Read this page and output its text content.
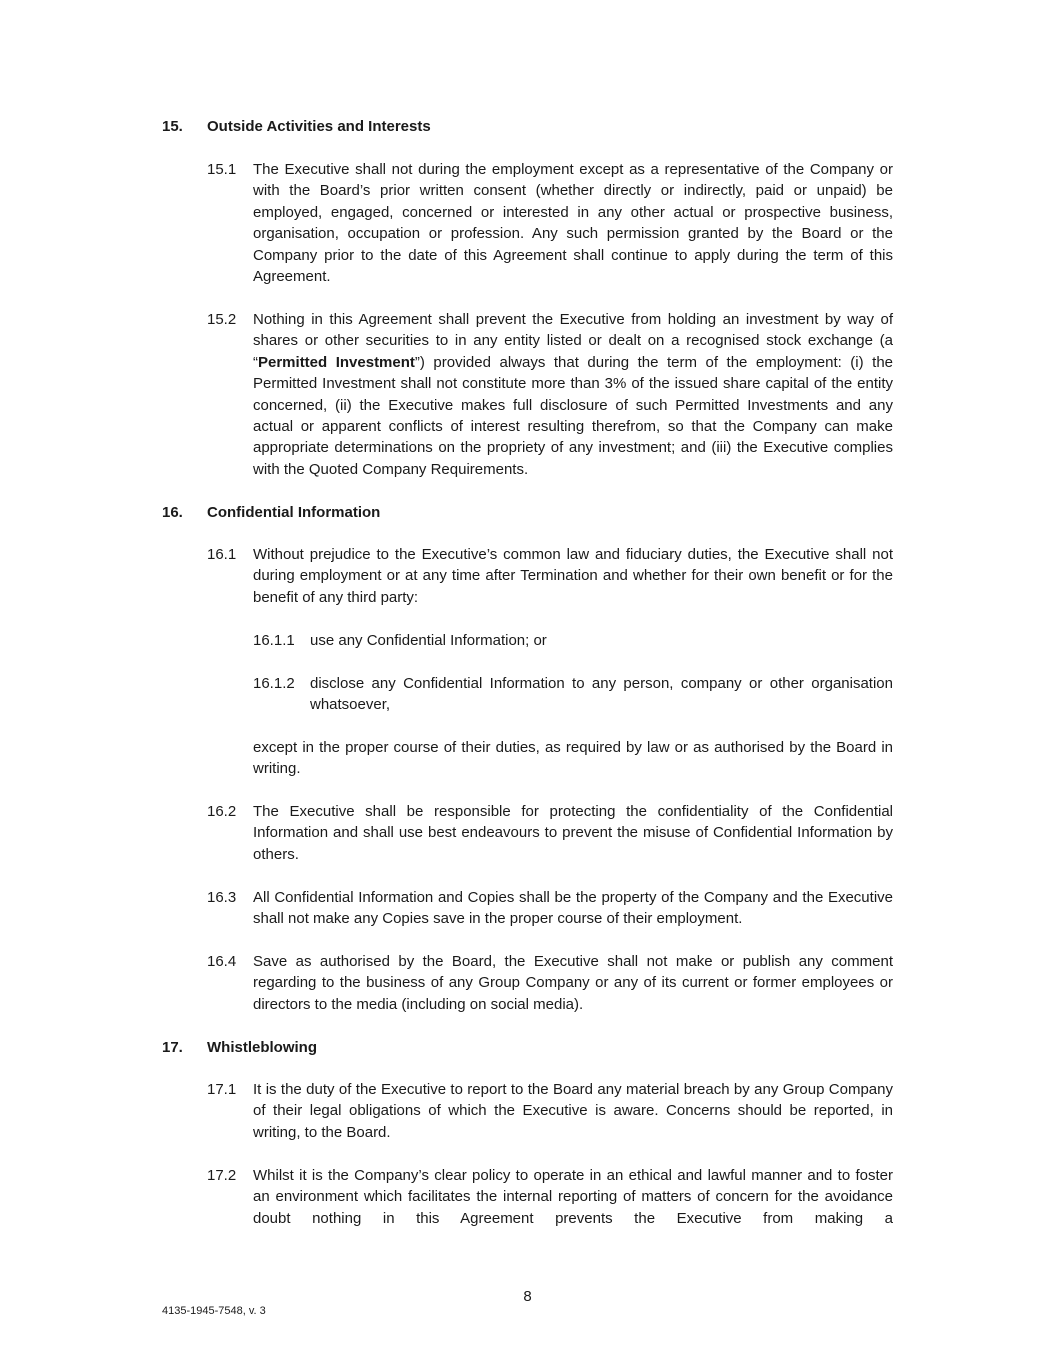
15. Outside Activities and Interests
15.1	The Executive shall not during the employment except as a representative of the Company or with the Board’s prior written consent (whether directly or indirectly, paid or unpaid) be employed, engaged, concerned or interested in any other actual or prospective business, organisation, occupation or profession. Any such permission granted by the Board or the Company prior to the date of this Agreement shall continue to apply during the term of this Agreement.
15.2	Nothing in this Agreement shall prevent the Executive from holding an investment by way of shares or other securities to in any entity listed or dealt on a recognised stock exchange (a “Permitted Investment”) provided always that during the term of the employment: (i) the Permitted Investment shall not constitute more than 3% of the issued share capital of the entity concerned, (ii) the Executive makes full disclosure of such Permitted Investments and any actual or apparent conflicts of interest resulting therefrom, so that the Company can make appropriate determinations on the propriety of any investment; and (iii) the Executive complies with the Quoted Company Requirements.
16. Confidential Information
16.1	Without prejudice to the Executive’s common law and fiduciary duties, the Executive shall not during employment or at any time after Termination and whether for their own benefit or for the benefit of any third party:
16.1.1	use any Confidential Information; or
16.1.2	disclose any Confidential Information to any person, company or other organisation whatsoever,
except in the proper course of their duties, as required by law or as authorised by the Board in writing.
16.2	The Executive shall be responsible for protecting the confidentiality of the Confidential Information and shall use best endeavours to prevent the misuse of Confidential Information by others.
16.3	All Confidential Information and Copies shall be the property of the Company and the Executive shall not make any Copies save in the proper course of their employment.
16.4	Save as authorised by the Board, the Executive shall not make or publish any comment regarding to the business of any Group Company or any of its current or former employees or directors to the media (including on social media).
17. Whistleblowing
17.1	It is the duty of the Executive to report to the Board any material breach by any Group Company of their legal obligations of which the Executive is aware. Concerns should be reported, in writing, to the Board.
17.2	Whilst it is the Company’s clear policy to operate in an ethical and lawful manner and to foster an environment which facilitates the internal reporting of matters of concern for the avoidance doubt nothing in this Agreement prevents the Executive from making a
8
4135-1945-7548, v. 3
